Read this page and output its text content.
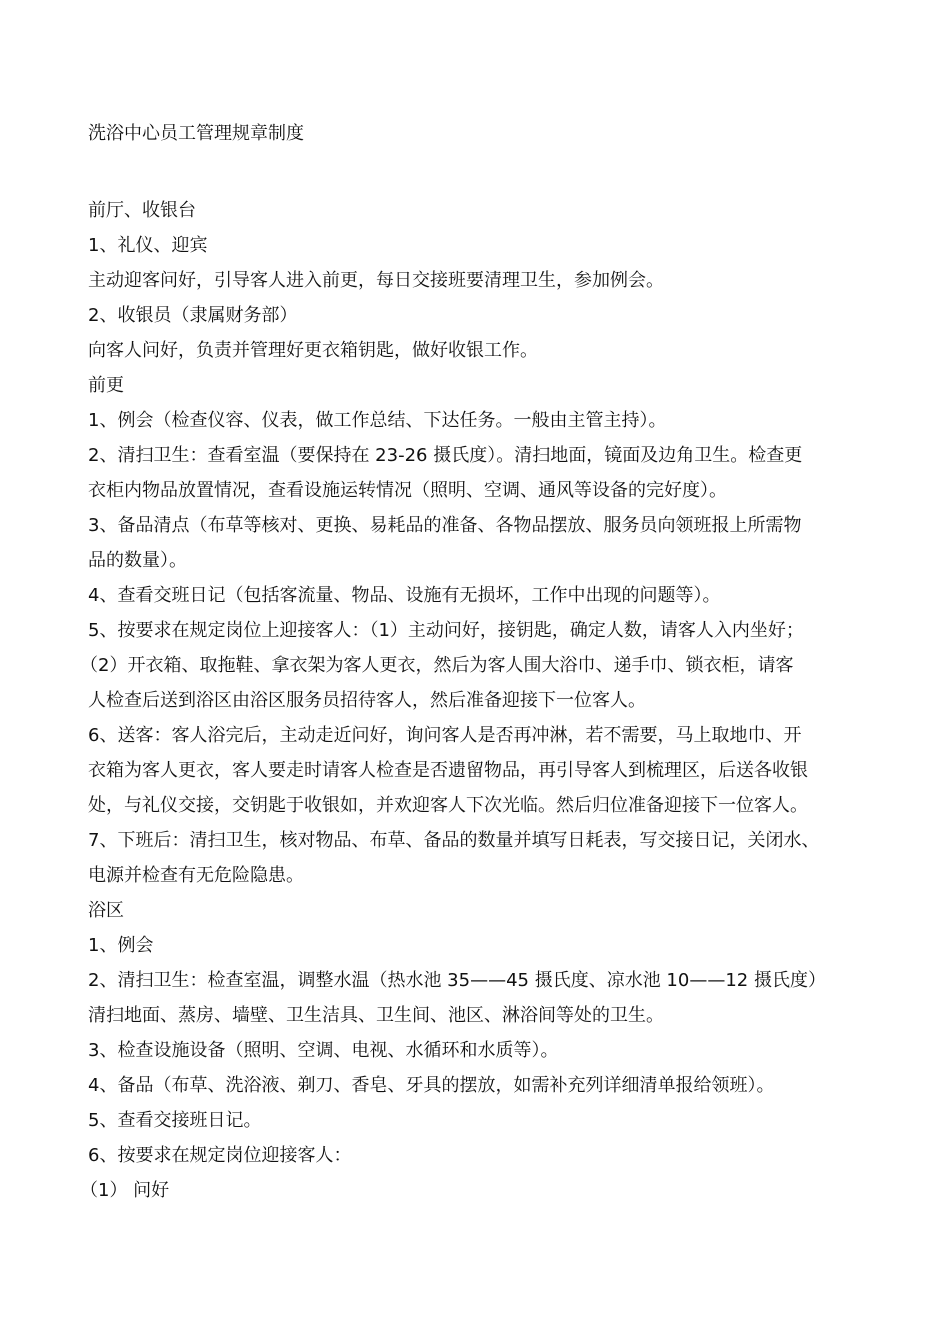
洗浴中心员工管理规章制度
前厅、收银台
1、礼仪、迎宾
主动迎客问好，引导客人进入前更，每日交接班要清理卫生，参加例会。
2、收银员（隶属财务部）
向客人问好，负责并管理好更衣箱钥匙，做好收银工作。
前更
1、例会（检查仪容、仪表，做工作总结、下达任务。一般由主管主持）。
2、清扫卫生：查看室温（要保持在 23-26 摄氏度）。清扫地面，镜面及边角卫生。检查更
衣柜内物品放置情况，查看设施运转情况（照明、空调、通风等设备的完好度）。
3、备品清点（布草等核对、更换、易耗品的准备、各物品摆放、服务员向领班报上所需物
品的数量）。
4、查看交班日记（包括客流量、物品、设施有无损坏，工作中出现的问题等）。
5、按要求在规定岗位上迎接客人：（1）主动问好，接钥匙，确定人数，请客人入内坐好；
（2）开衣箱、取拖鞋、拿衣架为客人更衣，然后为客人围大浴巾、递手巾、锁衣柜，请客
人检查后送到浴区由浴区服务员招待客人，然后准备迎接下一位客人。
6、送客：客人浴完后，主动走近问好，询问客人是否再冲淋，若不需要，马上取地巾、开
衣箱为客人更衣，客人要走时请客人检查是否遗留物品，再引导客人到梳理区，后送各收银
处，与礼仪交接，交钥匙于收银如，并欢迎客人下次光临。然后归位准备迎接下一位客人。
7、下班后：清扫卫生，核对物品、布草、备品的数量并填写日耗表，写交接日记，关闭水、
电源并检查有无危险隐患。
浴区
1、例会
2、清扫卫生：检查室温，调整水温（热水池 35——45 摄氏度、凉水池 10——12 摄氏度）
清扫地面、蒸房、墙壁、卫生洁具、卫生间、池区、淋浴间等处的卫生。
3、检查设施设备（照明、空调、电视、水循环和水质等）。
4、备品（布草、洗浴液、剃刀、香皂、牙具的摆放，如需补充列详细清单报给领班）。
5、查看交接班日记。
6、按要求在规定岗位迎接客人：
（1） 问好
